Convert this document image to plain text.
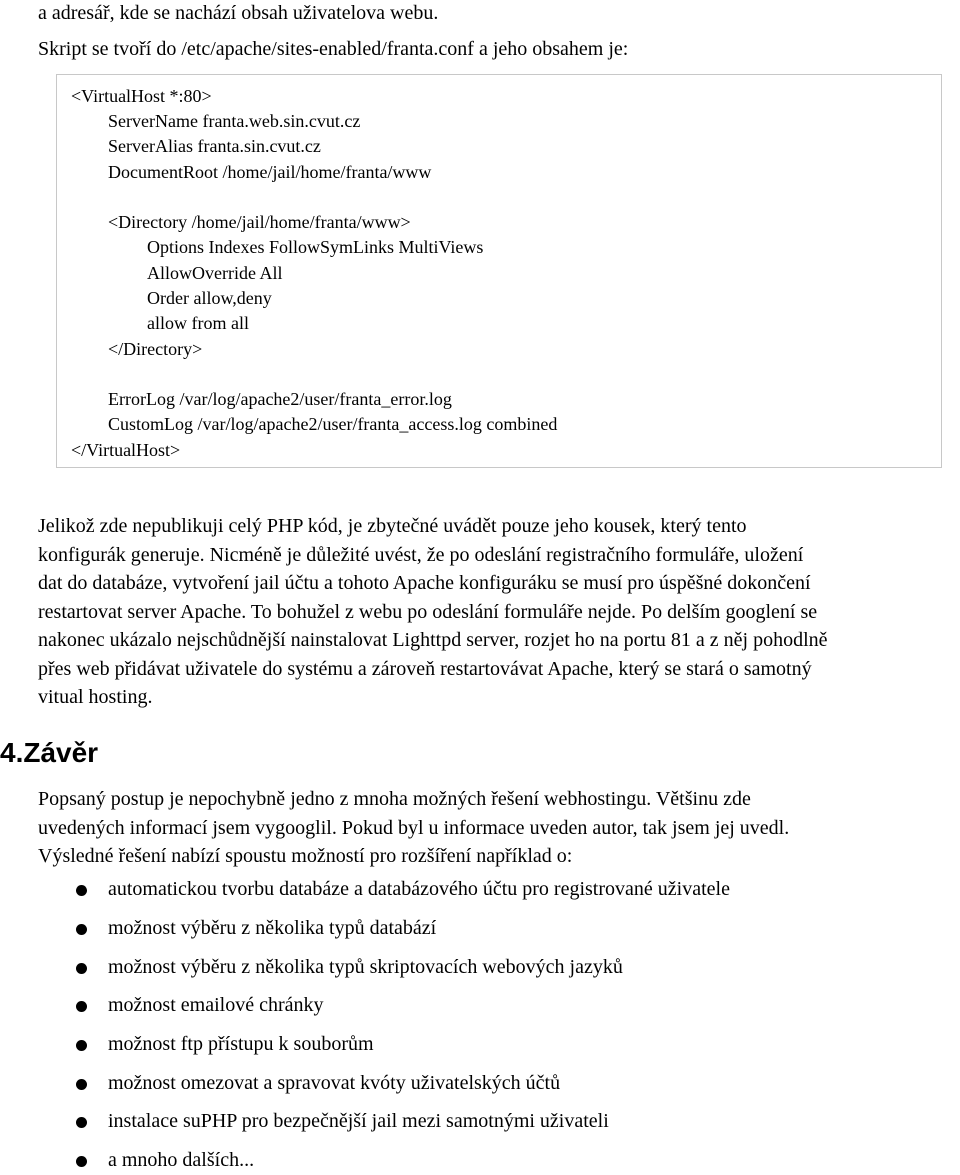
a adresář, kde se nachází obsah uživatelova webu.
Skript se tvoří do /etc/apache/sites-enabled/franta.conf a jeho obsahem je:
<VirtualHost *:80>
ServerName franta.web.sin.cvut.cz
ServerAlias franta.sin.cvut.cz
DocumentRoot /home/jail/home/franta/www
<Directory /home/jail/home/franta/www>
Options Indexes FollowSymLinks MultiViews
AllowOverride All
Order allow,deny
allow from all
</Directory>
ErrorLog /var/log/apache2/user/franta_error.log
CustomLog /var/log/apache2/user/franta_access.log combined
</VirtualHost>
Jelikož zde nepublikuji celý PHP kód, je zbytečné uvádět pouze jeho kousek, který tento
konfigurák generuje. Nicméně je důležité uvést, že po odeslání registračního formuláře, uložení
dat do databáze, vytvoření jail účtu a tohoto Apache konfiguráku se musí pro úspěšné dokončení
restartovat server Apache. To bohužel z webu po odeslání formuláře nejde. Po delším googlení se
nakonec ukázalo nejschůdnější nainstalovat Lighttpd server, rozjet ho na portu 81 a z něj pohodlně
přes web přidávat uživatele do systému a zároveň restartovávat Apache, který se stará o samotný
vitual hosting.
4.Závěr
Popsaný postup je nepochybně jedno z mnoha možných řešení webhostingu. Většinu zde
uvedených informací jsem vygooglil. Pokud byl u informace uveden autor, tak jsem jej uvedl.
Výsledné řešení nabízí spoustu možností pro rozšíření například o:
automatickou tvorbu databáze a databázového účtu pro registrované uživatele
možnost výběru z několika typů databází
možnost výběru z několika typů skriptovacích webových jazyků
možnost emailové chránky
možnost ftp přístupu k souborům
možnost omezovat a spravovat kvóty uživatelských účtů
instalace suPHP pro bezpečnější jail mezi samotnými uživateli
a mnoho dalších...
